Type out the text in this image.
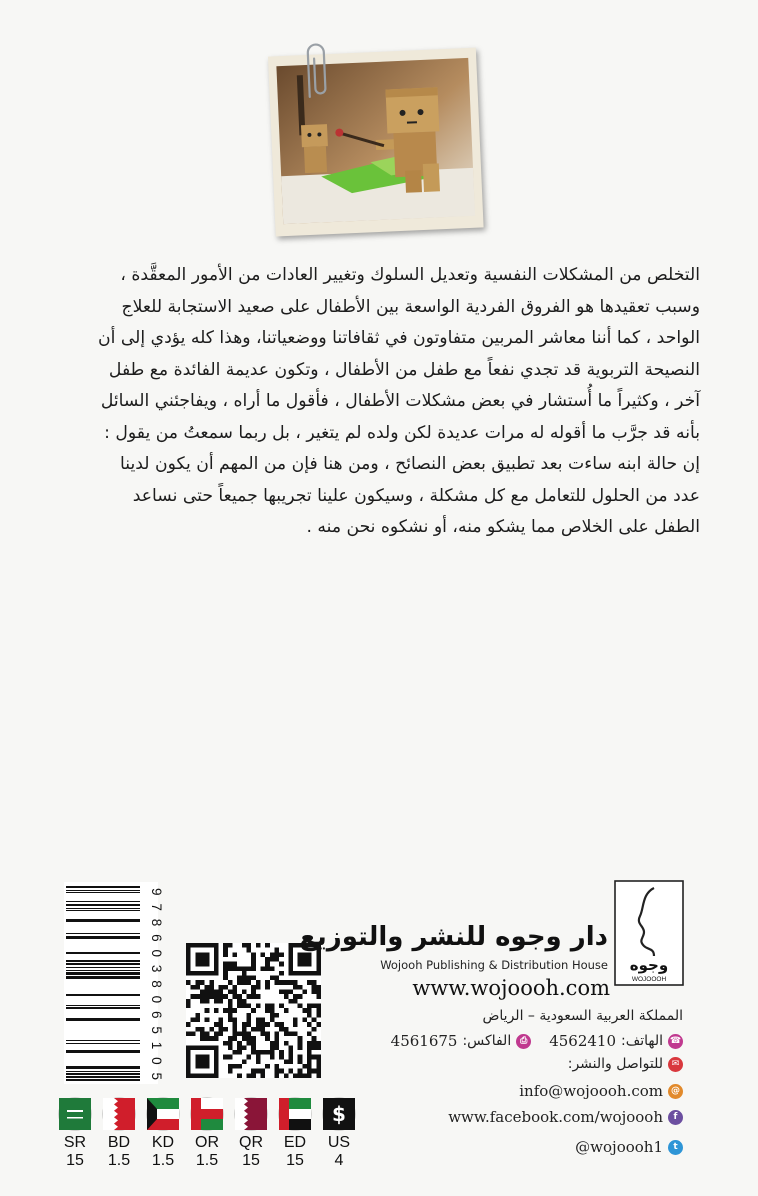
التخلص من المشكلات النفسية وتعديل السلوك وتغيير العادات من الأمور المعقَّدة ،
وسبب تعقيدها هو الفروق الفردية الواسعة بين الأطفال على صعيد الاستجابة للعلاج
الواحد ، كما أننا معاشر المربين متفاوتون في ثقافاتنا ووضعياتنا، وهذا كله يؤدي إلى أن
النصيحة التربوية قد تجدي نفعاً مع طفل من الأطفال ، وتكون عديمة الفائدة مع طفل
آخر ، وكثيراً ما أُستشار في بعض مشكلات الأطفال ، فأقول ما أراه ، ويفاجئني السائل
بأنه قد جرَّب ما أقوله له مرات عديدة لكن ولده لم يتغير ، بل ربما سمعتُ من يقول :
إن حالة ابنه ساءت بعد تطبيق بعض النصائح ، ومن هنا فإن من المهم أن يكون لدينا
عدد من الحلول للتعامل مع كل مشكلة ، وسيكون علينا تجريبها جميعاً حتى نساعد
الطفل على الخلاص مما يشكو منه، أو نشكوه نحن منه .
9786038065105
وجوه
WOJOOOH
دار وجوه للنشر والتوزيع
Wojooh Publishing & Distribution House
www.wojoooh.com
المملكة العربية السعودية – الرياض
☎
الهاتف:
4562410
⎙
الفاكس:
4561675
✉
للتواصل والنشر:
@
info@wojoooh.com
f
www.facebook.com/wojoooh
t
@wojoooh1
SR
15
BD
1.5
KD
1.5
OR
1.5
QR
15
ED
15
$
US
4
